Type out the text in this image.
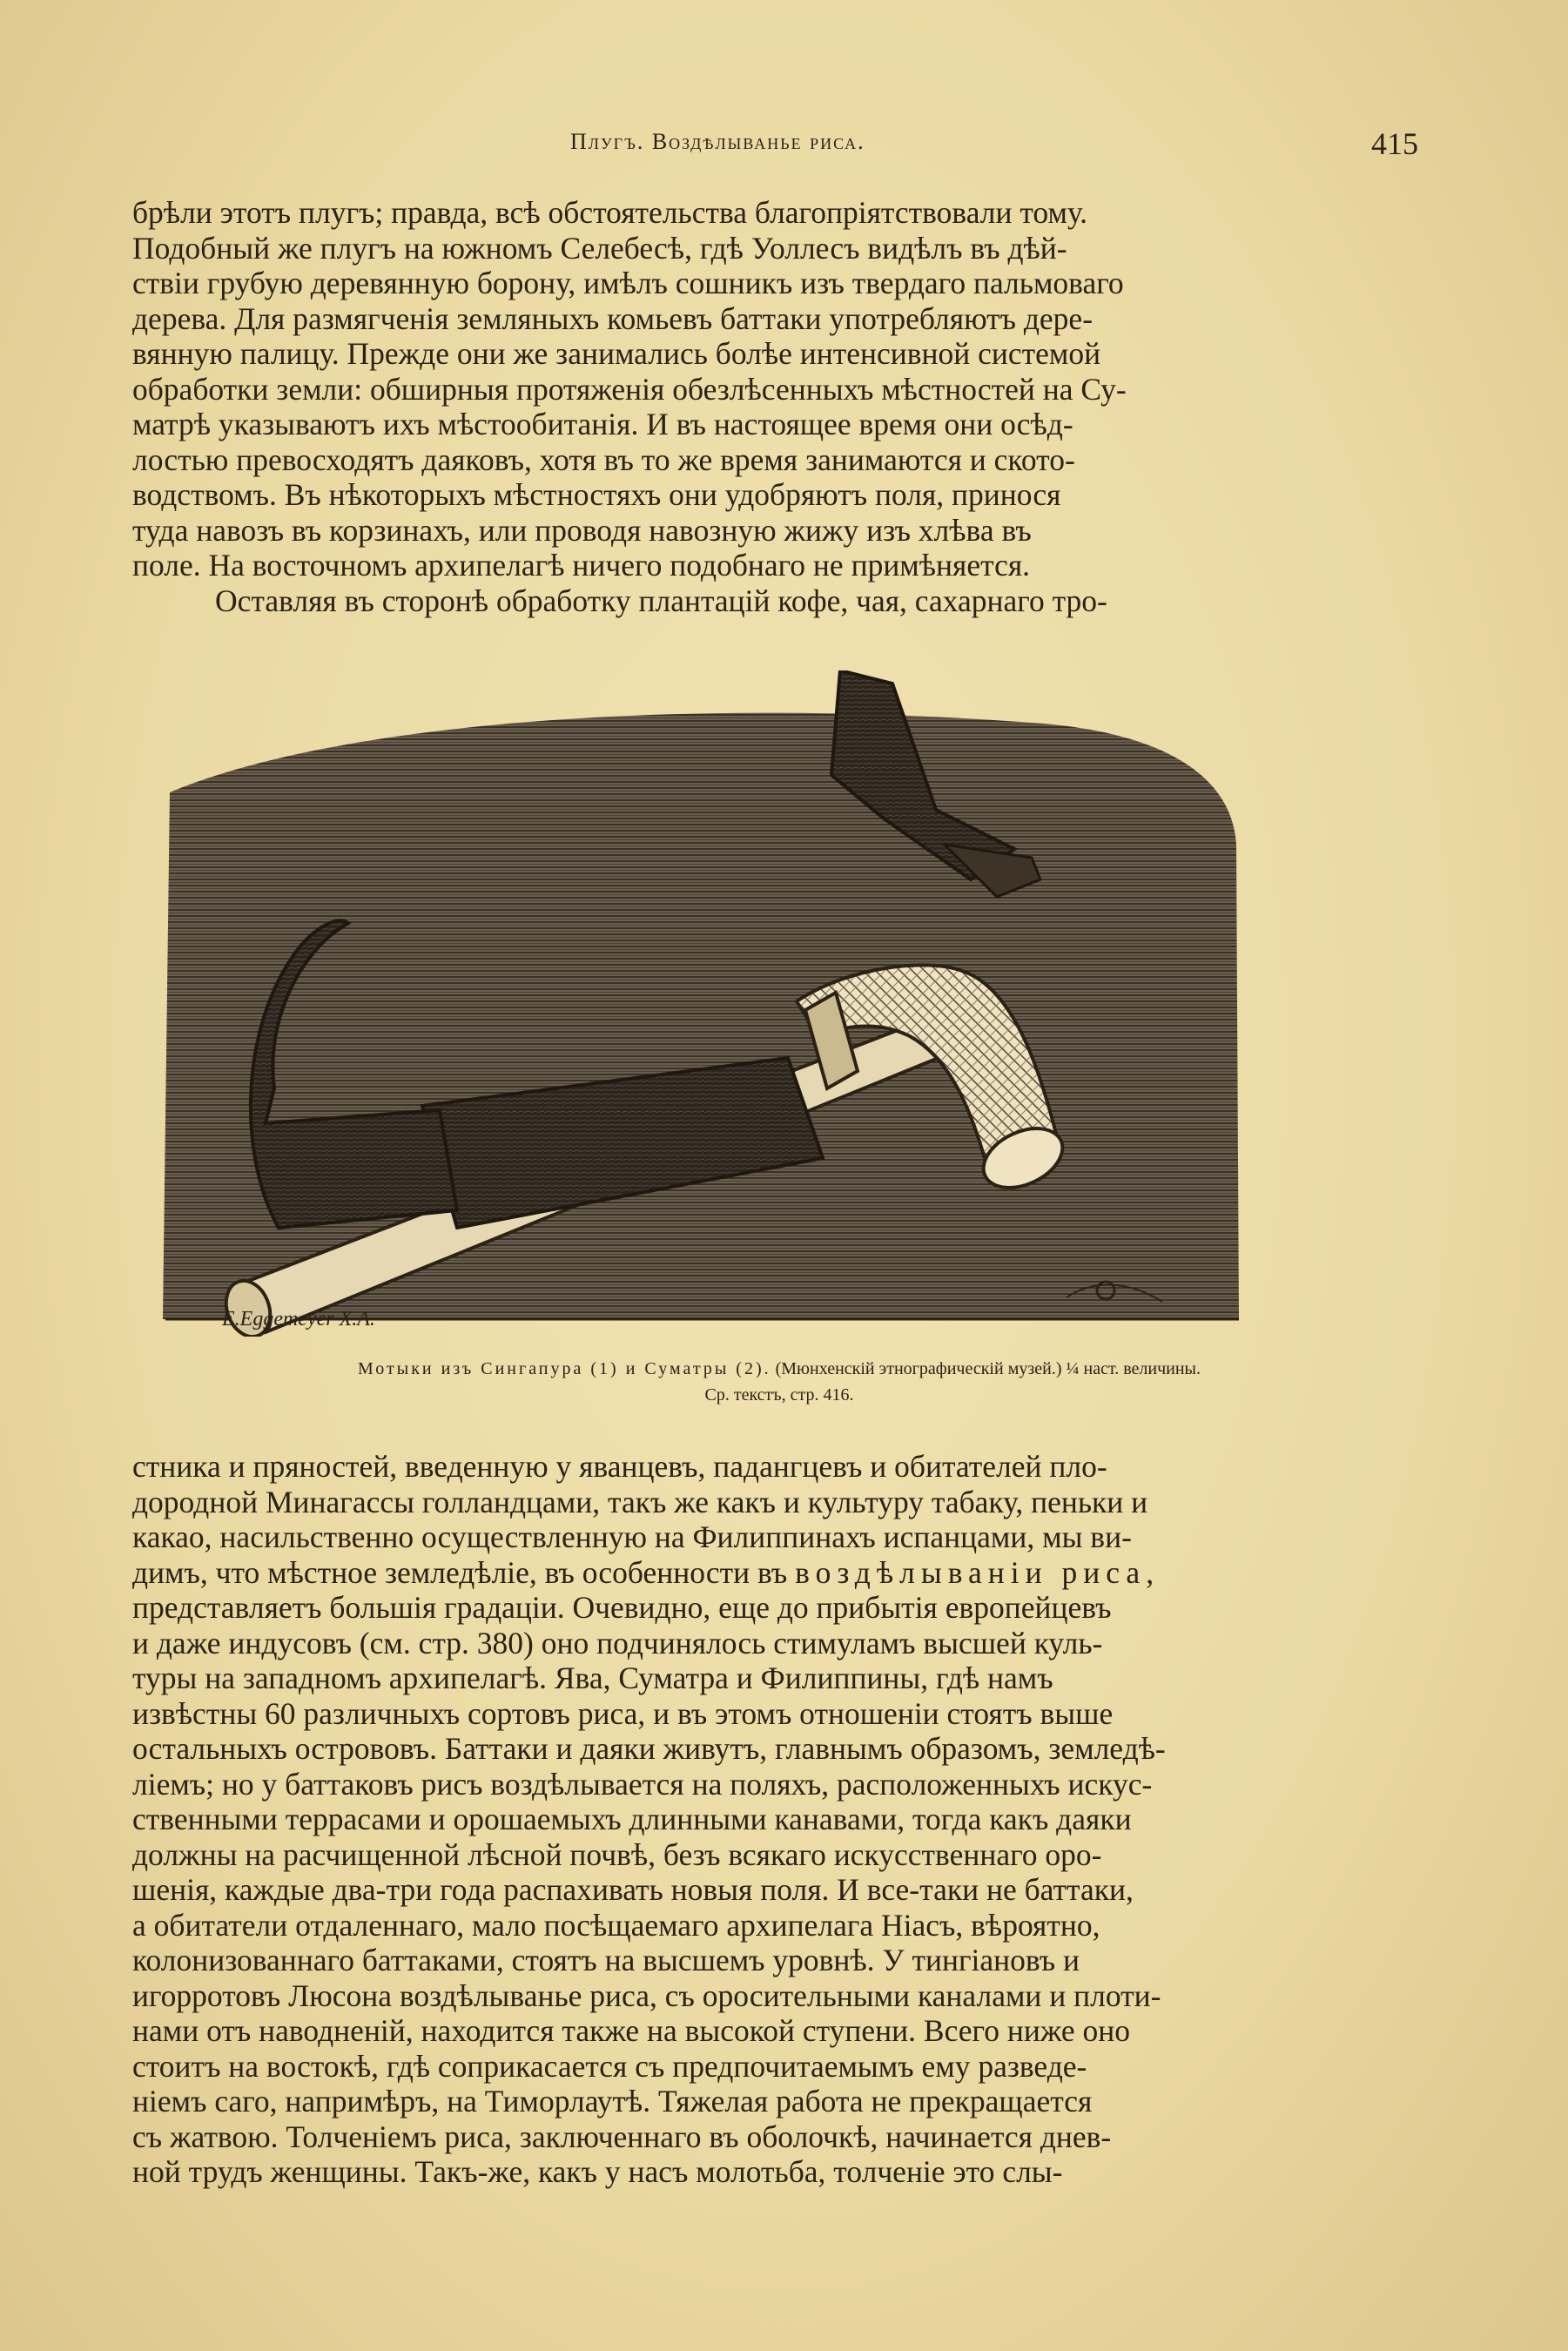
Плугъ. Воздѣлыванье риса.	415

брѣли этотъ плугъ; правда, всѣ обстоятельства благопріятствовали тому.

Подобный же плугъ на южномъ Селебесѣ, гдѣ Уоллесъ видѣлъ въ дѣй-

ствіи грубую деревянную борону, имѣлъ сошникъ изъ твердаго пальмоваго

дерева. Для размягченія земляныхъ комьевъ баттаки употребляютъ дере-

вянную палицу. Прежде они же занимались болѣе интенсивной системой

обработки земли: обширныя протяженія обезлѣсенныхъ мѣстностей на Су-

матрѣ указываютъ ихъ мѣстообитанія. И въ настоящее время они осѣд-

лостью превосходятъ даяковъ, хотя въ то же время занимаются и ското-

водствомъ. Въ нѣкоторыхъ мѣстностяхъ они удобряютъ поля, принося

туда навозъ въ корзинахъ, или проводя навозную жижу изъ хлѣва въ

поле. На восточномъ архипелагѣ ничего подобнаго не примѣняется.

Оставляя въ сторонѣ обработку плантацій кофе, чая, сахарнаго тро-

E.Eggemeyer X.A.
Мотыки изъ Сингапура (1) и Суматры (2). (Мюнхенскій этнографическій музей.) ¼ наст. величины.
Ср. текстъ, стр. 416.

стника и пряностей, введенную у яванцевъ, падангцевъ и обитателей пло-

дородной Минагассы голландцами, такъ же какъ и культуру табаку, пеньки и

какао, насильственно осуществленную на Филиппинахъ испанцами, мы ви-

димъ, что мѣстное земледѣліе, въ особенности въ воздѣлываніи риса,

представляетъ большія градаціи. Очевидно, еще до прибытія европейцевъ

и даже индусовъ (см. стр. 380) оно подчинялось стимуламъ высшей куль-

туры на западномъ архипелагѣ. Ява, Суматра и Филиппины, гдѣ намъ

извѣстны 60 различныхъ сортовъ риса, и въ этомъ отношеніи стоятъ выше

остальныхъ острововъ. Баттаки и даяки живутъ, главнымъ образомъ, земледѣ-

ліемъ; но у баттаковъ рисъ воздѣлывается на поляхъ, расположенныхъ искус-

ственными террасами и орошаемыхъ длинными канавами, тогда какъ даяки

должны на расчищенной лѣсной почвѣ, безъ всякаго искусственнаго оро-

шенія, каждые два-три года распахивать новыя поля. И все-таки не баттаки,

а обитатели отдаленнаго, мало посѣщаемаго архипелага Ніасъ, вѣроятно,

колонизованнаго баттаками, стоятъ на высшемъ уровнѣ. У тингіановъ и

игорротовъ Люсона воздѣлыванье риса, съ оросительными каналами и плоти-

нами отъ наводненій, находится также на высокой ступени. Всего ниже оно

стоитъ на востокѣ, гдѣ соприкасается съ предпочитаемымъ ему разведе-

ніемъ саго, напримѣръ, на Тиморлаутѣ. Тяжелая работа не прекращается

съ жатвою. Толченіемъ риса, заключеннаго въ оболочкѣ, начинается днев-

ной трудъ женщины. Такъ-же, какъ у насъ молотьба, толченіе это слы-
